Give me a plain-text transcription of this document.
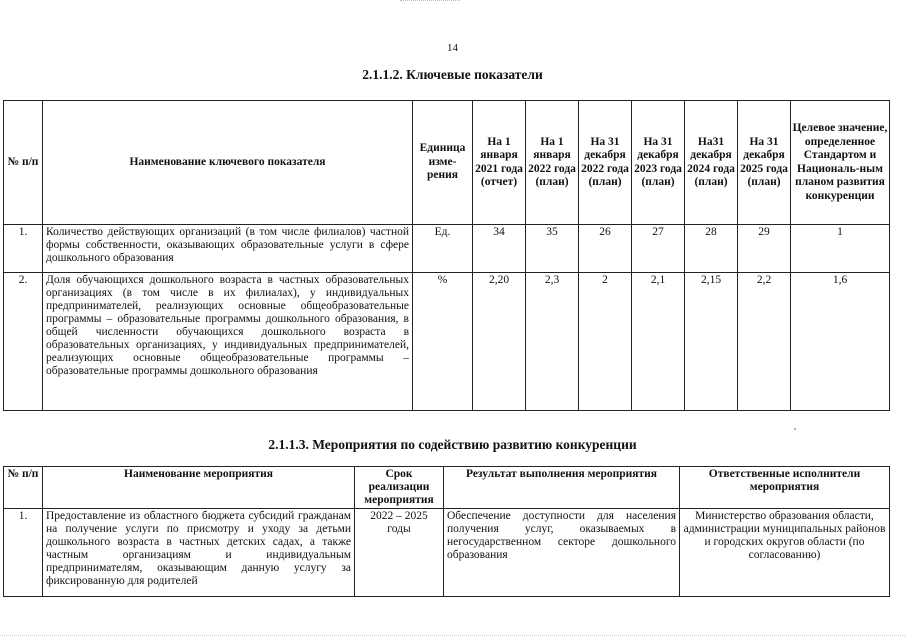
14
2.1.1.2. Ключевые показатели
№ п/п	Наименование ключевого показателя	Единица изме-рения	На 1 января 2021 года (отчет)	На 1 января 2022 года (план)	На 31 декабря 2022 года (план)	На 31 декабря 2023 года (план)	На31 декабря 2024 года (план)	На 31 декабря 2025 года (план)	Целевое значение, определенное Стандартом и Националь-ным планом развития конкуренции
1.	Количество действующих организаций (в том числе филиалов) частной формы собственности, оказывающих образовательные услуги в сфере дошкольного образования	Ед.	34	35	26	27	28	29	1
2.	Доля обучающихся дошкольного возраста в частных образовательных организациях (в том числе в их филиалах), у индивидуальных предпринимателей, реализующих основные общеобразовательные программы – образовательные программы дошкольного образования, в общей численности обучающихся дошкольного возраста в образовательных организациях, у индивидуальных предпринимателей, реализующих основные общеобразовательные программы – образовательные программы дошкольного образования	%	2,20	2,3	2	2,1	2,15	2,2	1,6
2.1.1.3. Мероприятия по содействию развитию конкуренции
№ п/п	Наименование мероприятия	Срок реализации мероприятия	Результат выполнения мероприятия	Ответственные исполнители мероприятия
1.	Предоставление из областного бюджета субсидий гражданам на получение услуги по присмотру и уходу за детьми дошкольного возраста в частных детских садах, а также частным организациям и индивидуальным предпринимателям, оказывающим данную услугу за фиксированную для родителей	2022 – 2025 годы	Обеспечение доступности для населения получения услуг, оказываемых в негосударственном секторе дошкольного образования	Министерство образования области, администрации муниципальных районов и городских округов области (по согласованию)
